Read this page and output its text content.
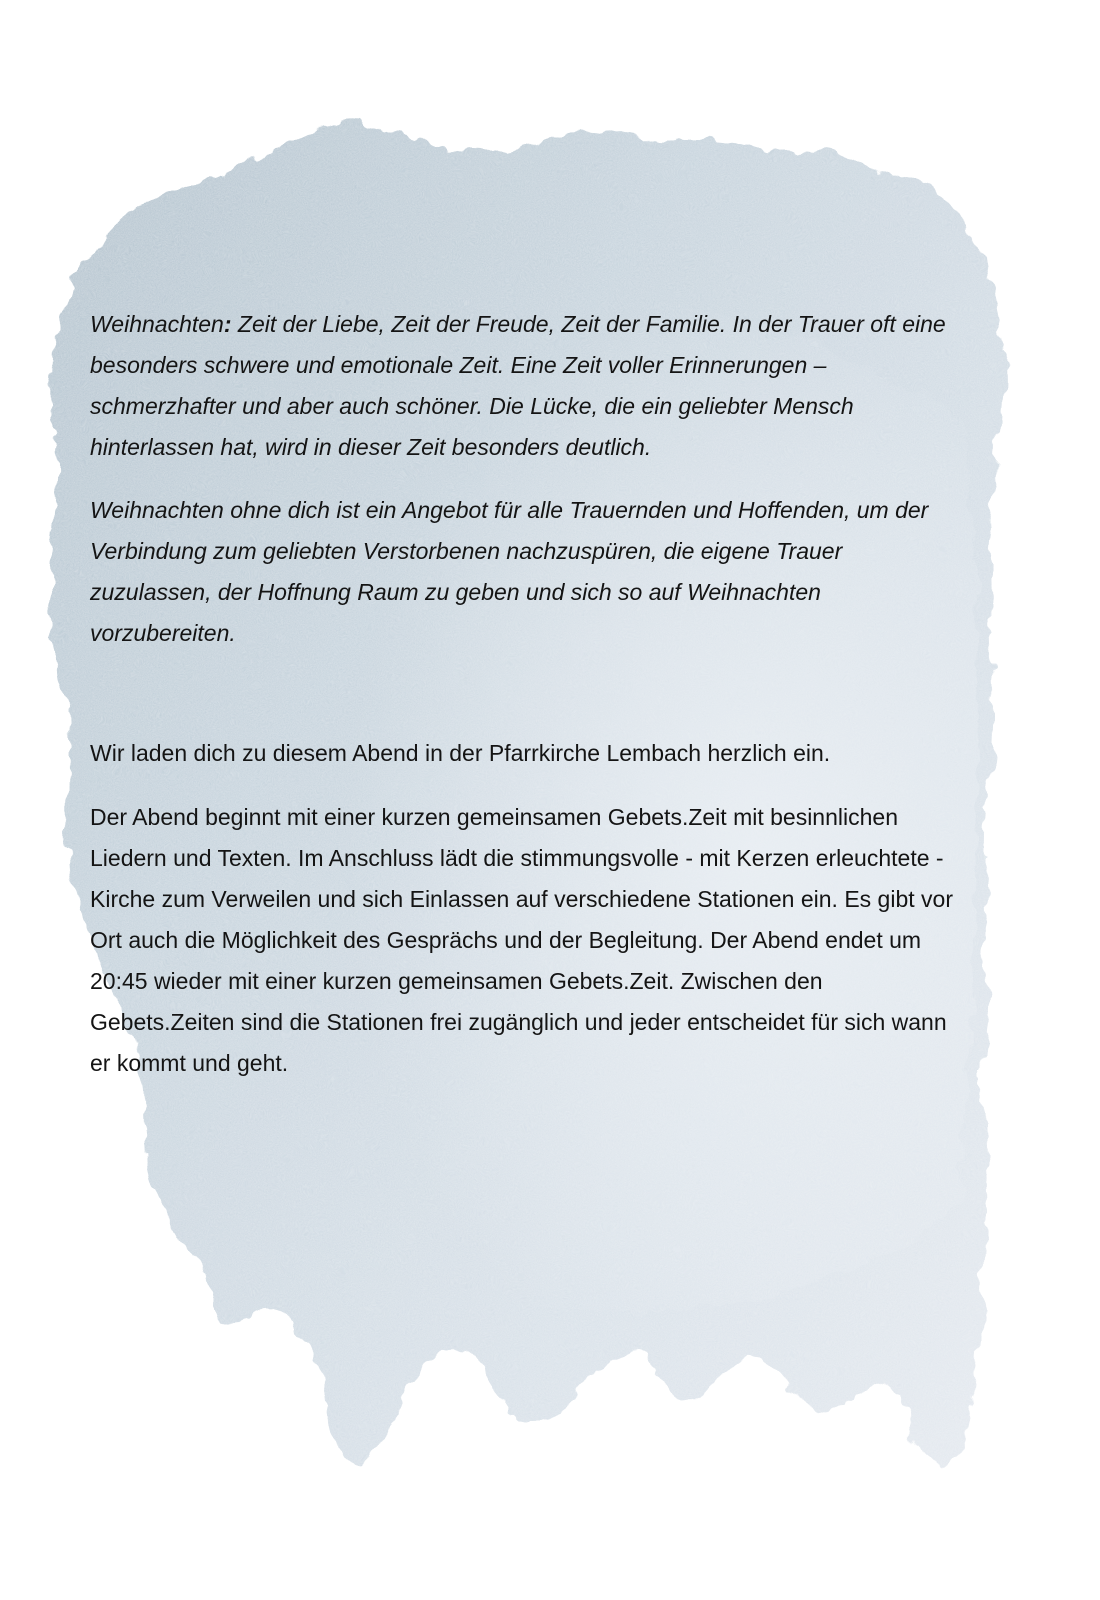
Weihnachten: Zeit der Liebe, Zeit der Freude, Zeit der Familie. In der Trauer oft eine besonders schwere und emotionale Zeit. Eine Zeit voller Erinnerungen – schmerzhafter und aber auch schöner. Die Lücke, die ein geliebter Mensch hinterlassen hat, wird in dieser Zeit besonders deutlich.

Weihnachten ohne dich ist ein Angebot für alle Trauernden und Hoffenden, um der Verbindung zum geliebten Verstorbenen nachzuspüren, die eigene Trauer zuzulassen, der Hoffnung Raum zu geben und sich so auf Weihnachten vorzubereiten.

Wir laden dich zu diesem Abend in der Pfarrkirche Lembach herzlich ein.

Der Abend beginnt mit einer kurzen gemeinsamen Gebets.Zeit mit besinnlichen Liedern und Texten. Im Anschluss lädt die stimmungsvolle - mit Kerzen erleuchtete - Kirche zum Verweilen und sich Einlassen auf verschiedene Stationen ein. Es gibt vor Ort auch die Möglichkeit des Gesprächs und der Begleitung. Der Abend endet um 20:45 wieder mit einer kurzen gemeinsamen Gebets.Zeit. Zwischen den Gebets.Zeiten sind die Stationen frei zugänglich und jeder entscheidet für sich wann er kommt und geht.
